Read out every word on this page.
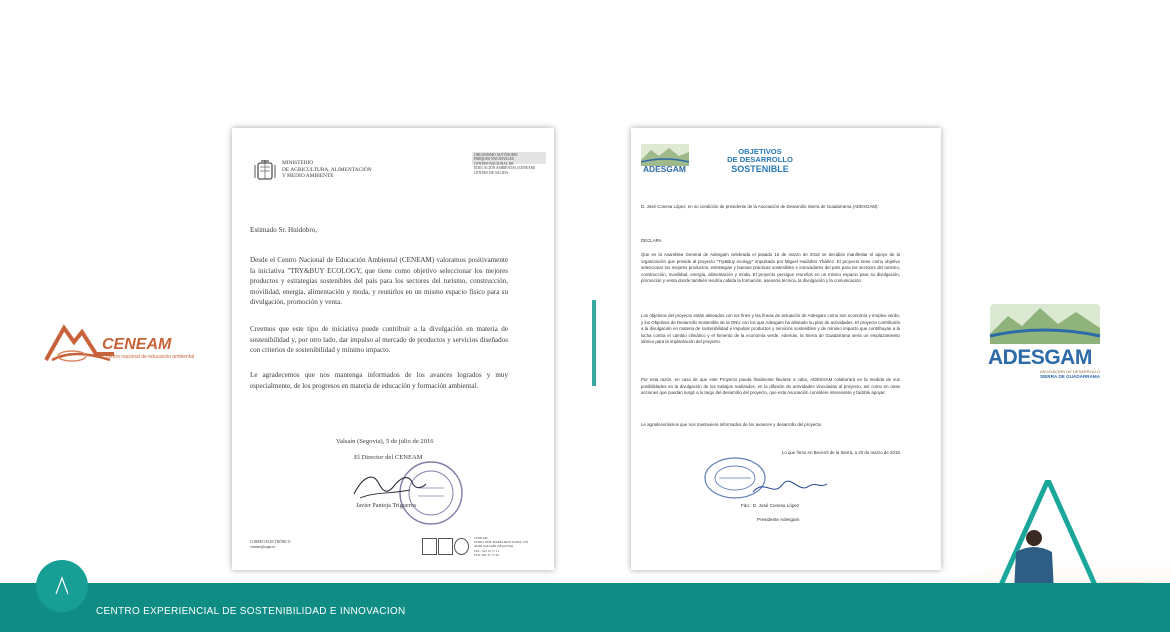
CENEAM
centro nacional de educación ambiental
MINISTERIO
DE AGRICULTURA, ALIMENTACIÓN
Y MEDIO AMBIENTE
ORGANISMO AUTÓNOMO
PARQUES NACIONALES
CENTRO NACIONAL DE
EDUCACIÓN AMBIENTAL (CENEAM)
CENTRO DE SALIDA
Estimado Sr. Huidobro,
Desde el Centro Nacional de Educación Ambiental (CENEAM) valoramos positivamente la iniciativa "TRY&BUY ECOLOGY, que tiene como objetivo seleccionar los mejores productos y estrategias sostenibles del país para los sectores del turismo, construcción, movilidad, energía, alimentación y moda, y reunirlos en un mismo espacio físico para su divulgación, promoción y venta.
Creemos que este tipo de iniciativa puede contribuir a la divulgación en materia de sostenibilidad y, por otro lado, dar impulso al mercado de productos y servicios diseñados con criterios de sostenibilidad y mínimo impacto.
Le agradecemos que nos mantenga informados de los avances logrados y muy especialmente, de los progresos en materia de educación y formación ambiental.
Valsaín (Segovia), 5 de julio de 2016
El Director del CENEAM
Javier Pantoja Trigueros
CORREO ELECTRÓNICO
ceneam@oapn.es
CENEAM
PASEO JOSÉ MARÍA RUIZ DANA, S/N
40109 VALSAÍN (SEGOVIA)
TEL.: 921 47 17 11
FAX: 921 47 17 46
ADESGAM
OBJETIVOS
DE DESARROLLO
SOSTENIBLE
D. José Conesa López, en su condición de presidente de la Asociación de Desarrollo Sierra de Guadarrama (ADESGAM):
DECLARA
Que en la Asamblea General de Adesgam celebrada el pasado 16 de marzo de 2018 se decidión manifestar el apoyo de la organización que preside al proyecto "Try&Buy ecology" impulsado por Miguel Huidobro Ybáñez. El proyecto tiene como objetivo seleccionar los mejores productos, estrategias y buenas prácticas sostenibles e innovadores del país para los sectores del turismo, construcción, movilidad, energía, alimentación y moda. El proyecto persigue reunirlos en un mismo espacio para su divulgación, promoción y venta donde también tendría cabida la formación, asesoría técnica, la divulgación y la comunicación.
Los objetivos del proyecto están alineados con los fines y las líneas de actuación de Adesgam como son economía y empleo verde, y los Objetivos de Desarrollo Sostenible de la ONU con los que Adesgam ha alineado su plan de actividades. El proyecto contribuiría a la divulgación en materia de sostenibilidad e impulsar productos y servicios sostenibles y de mínimo impacto que contribuyan a la lucha contra el cambio climático y el fomento de la economía verde. Además, la Sierra de Guadarrama sería un emplazamiento idóneo para la implantación del proyecto.
Por esta razón, en caso de que este Proyecto pueda finalmente llevarse a cabo, ADESGAM colaborará en la medida de sus posibilidades en la divulgación de los trabajos realizados, en la difusión de actividades vinculadas al proyecto, así como en otras acciones que puedan surgir a lo largo del desarrollo del proyecto, que esta Asociación considere interesante y factible apoyar.
Le agradeceríamos que nos mantuviera informados de los avances y desarrollo del proyecto.
Lo que firmo en Becerril de la Sierra, a 20 de marzo de 2018.
Fdo.: D. José Conesa López
Presidente Adesgam
ADESGAM
ASOCIACIÓN DE DESARROLLO
SIERRA DE GUADARRAMA
CENTRO EXPERIENCIAL DE SOSTENIBILIDAD E INNOVACION
